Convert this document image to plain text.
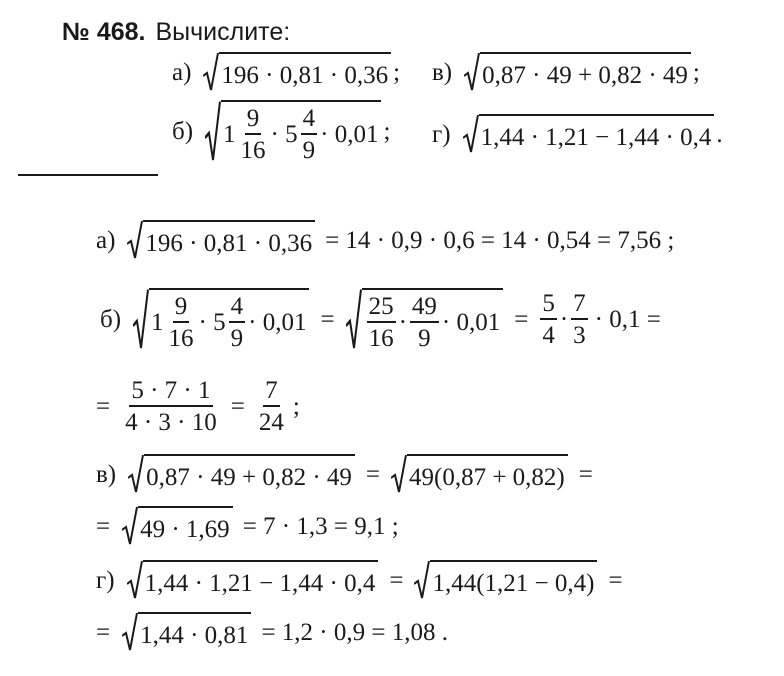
№ 468. Вычислите:
а) 196 · 0,81 · 0,36 ; в) 0,87 · 49 + 0,82 · 49 ;
б) $1 \frac{9}{16} \cdot 5 \frac{4}{9} \cdot 0,01$ ; г) 1,44 · 1,21 − 1,44 · 0,4 .
а) 196 · 0,81 · 0,36 = 14 · 0,9 · 0,6 = 14 · 0,54 = 7,56 ;
б) $1 \frac{9}{16} \cdot 5 \frac{4}{9} \cdot 0,01 = \frac{25}{16} \cdot \frac{49}{9} \cdot 0,01 = \frac{5}{4} \cdot \frac{7}{3} \cdot 0,1$ =
= $\frac{5 \cdot 7 \cdot 1}{4 \cdot 3 \cdot 10} = \frac{7}{24}$ ;
в) 0,87 · 49 + 0,82 · 49 = 49(0,87 + 0,82) =
= 49 · 1,69 = 7 · 1,3 = 9,1 ;
г) 1,44 · 1,21 − 1,44 · 0,4 = 1,44(1,21 − 0,4) =
= 1,44 · 0,81 = 1,2 · 0,9 = 1,08 .
